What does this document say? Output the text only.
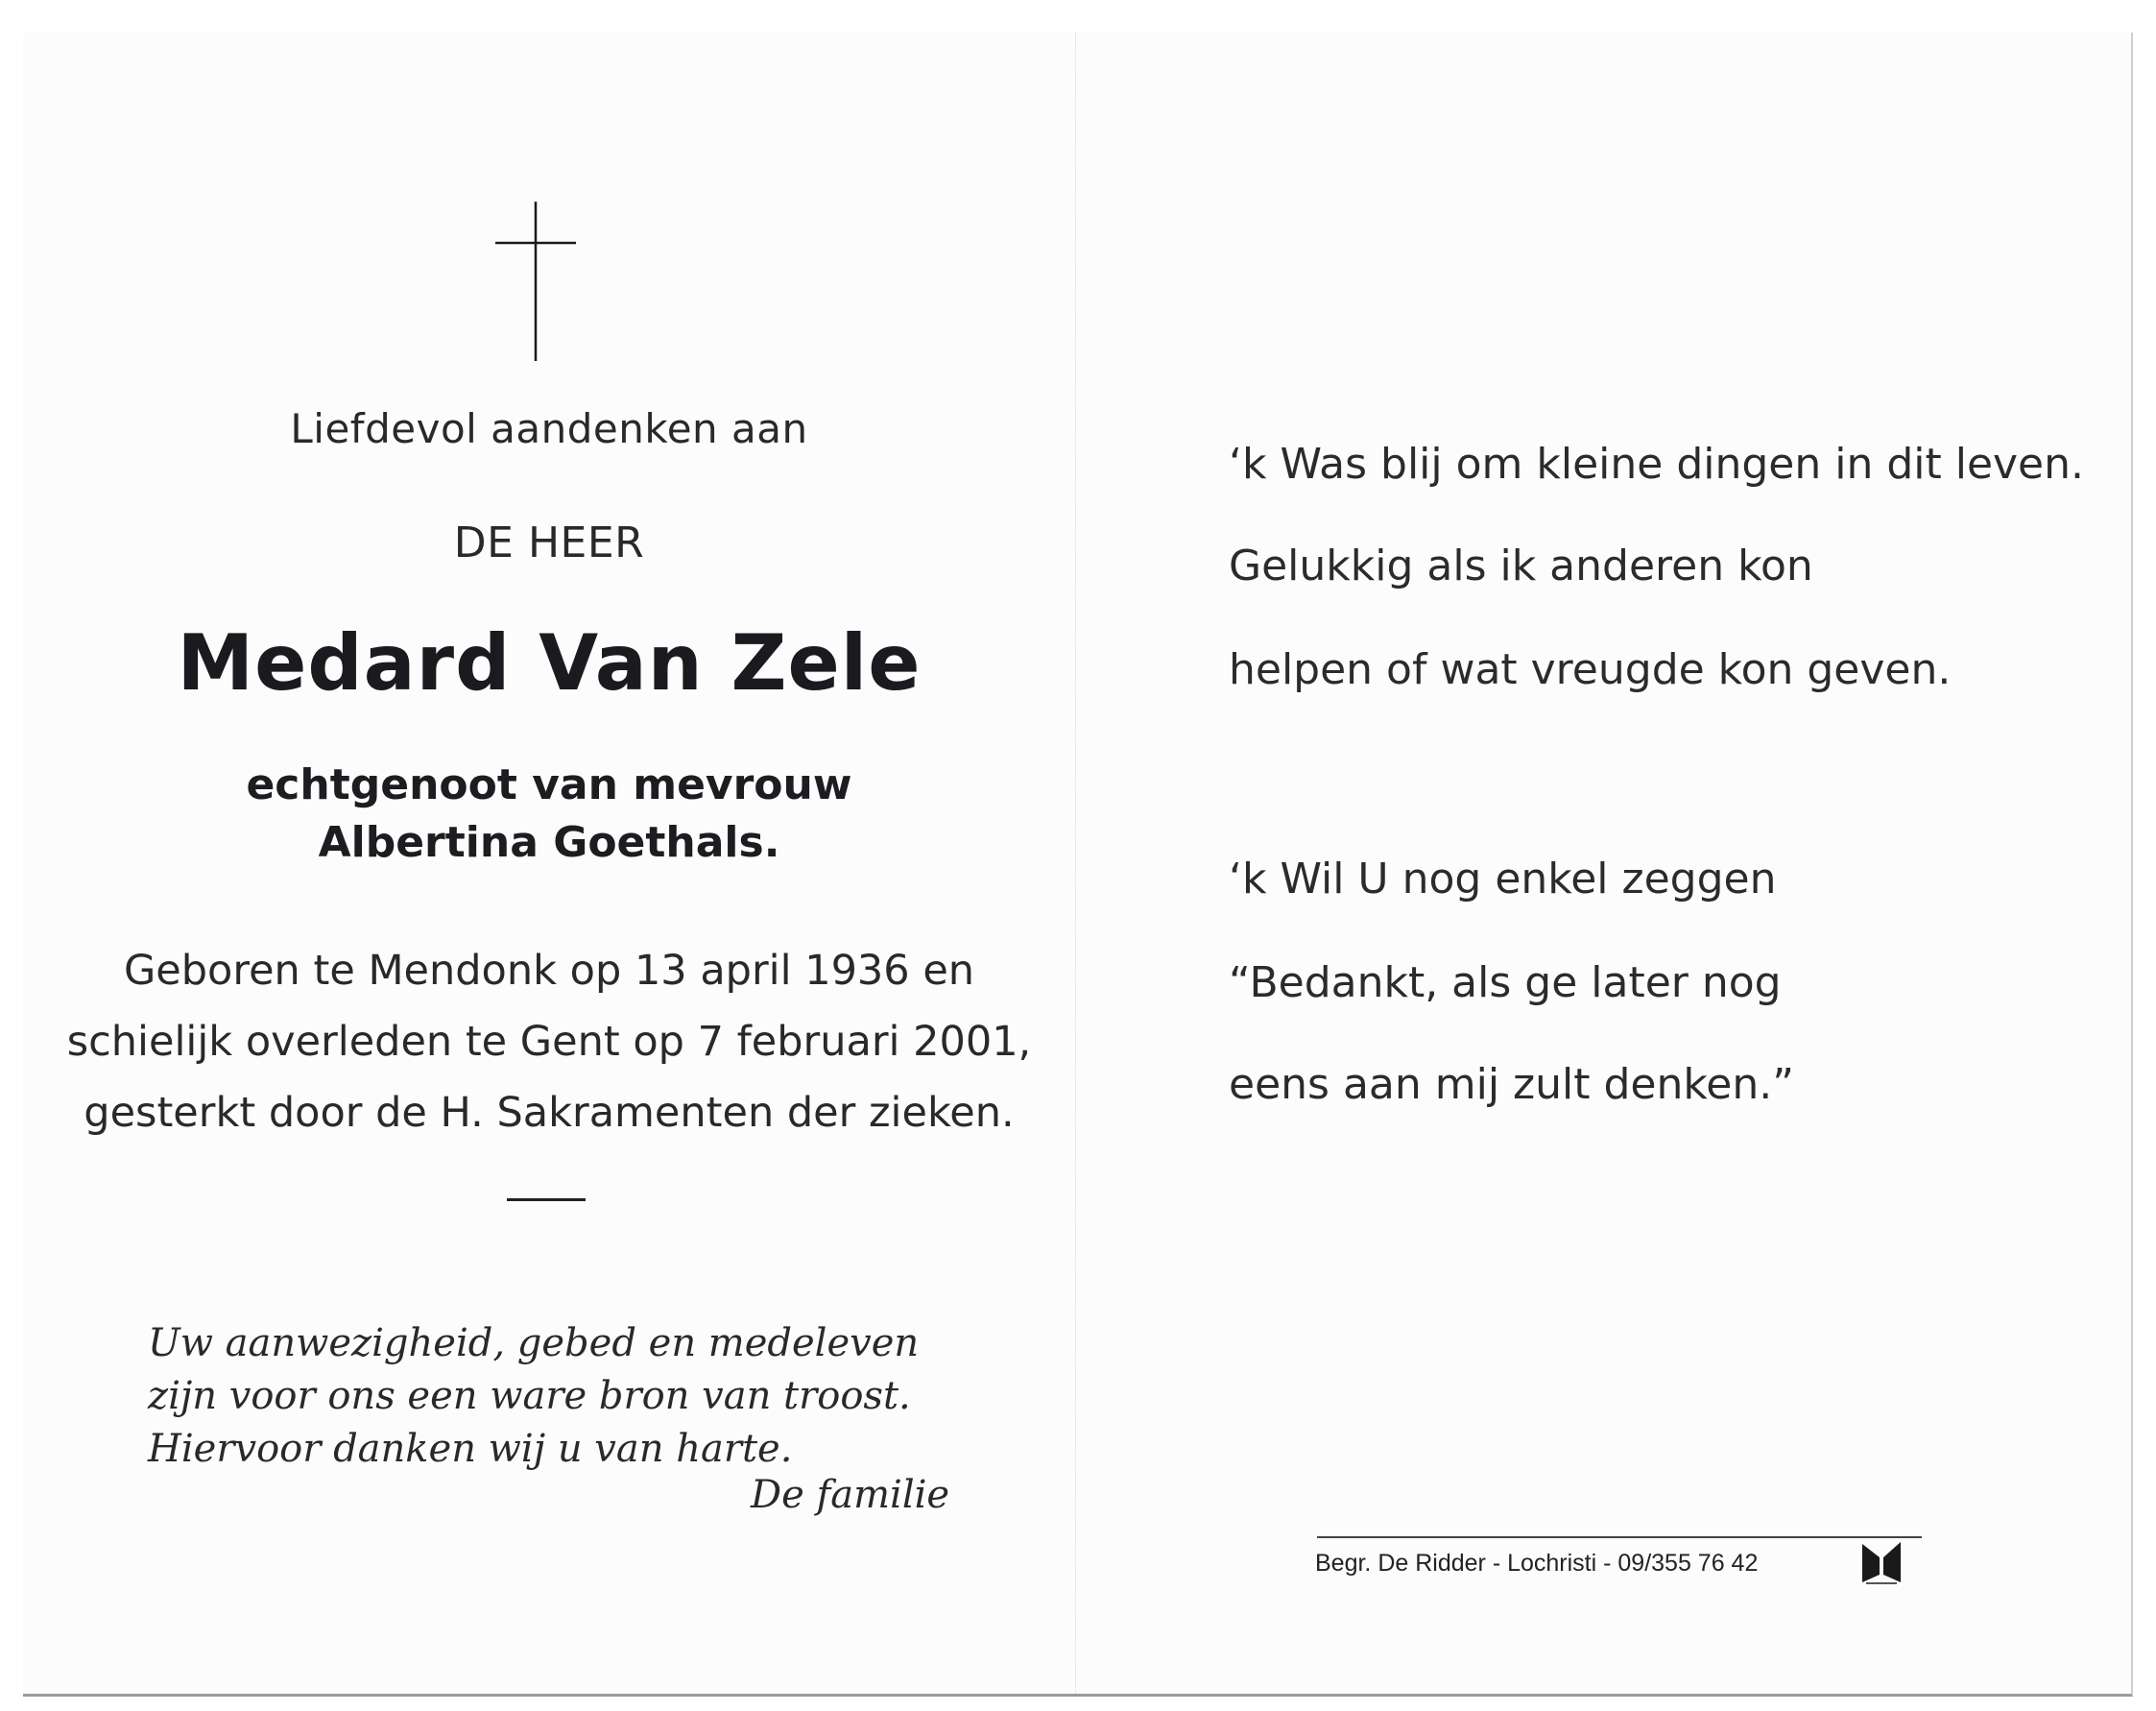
Liefdevol aandenken aan
DE HEER
Medard Van Zele
echtgenoot van mevrouw
Albertina Goethals.
Geboren te Mendonk op 13 april 1936 en
schielijk overleden te Gent op 7 februari 2001,
gesterkt door de H. Sakramenten der zieken.
Uw aanwezigheid, gebed en medeleven
zijn voor ons een ware bron van troost.
Hiervoor danken wij u van harte.
De familie
‘k Was blij om kleine dingen in dit leven.
Gelukkig als ik anderen kon
helpen of wat vreugde kon geven.
‘k Wil U nog enkel zeggen
“Bedankt, als ge later nog
eens aan mij zult denken.”
Begr. De Ridder - Lochristi - 09/355 76 42
